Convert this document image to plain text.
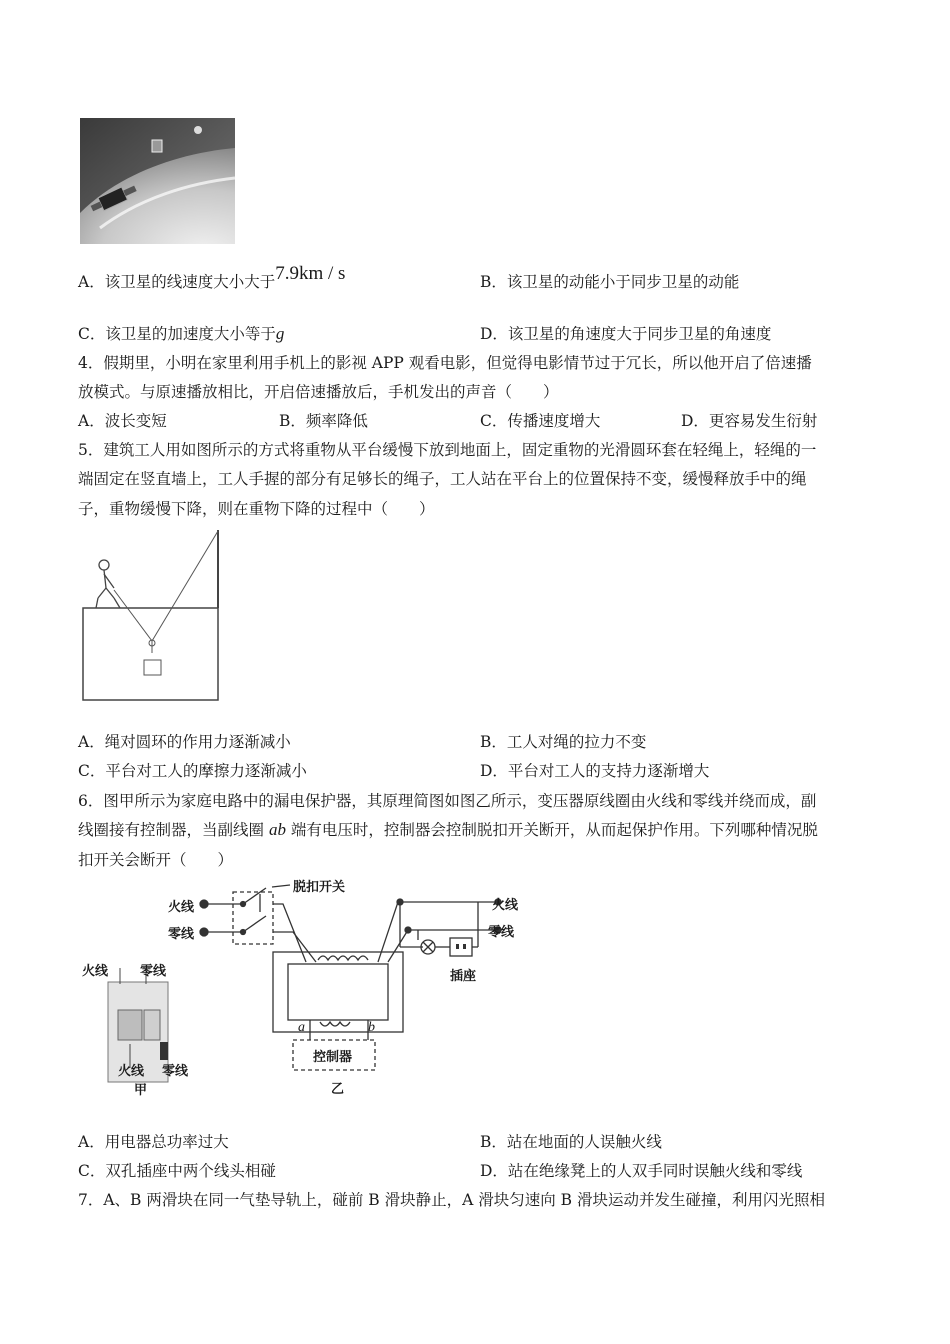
A．该卫星的线速度大小大于7.9km / s	B．该卫星的动能小于同步卫星的动能
C．该卫星的加速度大小等于g	D．该卫星的角速度大于同步卫星的角速度
4．假期里，小明在家里利用手机上的影视 APP 观看电影，但觉得电影情节过于冗长，所以他开启了倍速播
放模式。与原速播放相比，开启倍速播放后，手机发出的声音（　　）
A．波长变短	B．频率降低	C．传播速度增大	D．更容易发生衍射
5．建筑工人用如图所示的方式将重物从平台缓慢下放到地面上，固定重物的光滑圆环套在轻绳上，轻绳的一
端固定在竖直墙上，工人手握的部分有足够长的绳子，工人站在平台上的位置保持不变，缓慢释放手中的绳
子，重物缓慢下降，则在重物下降的过程中（　　）
A．绳对圆环的作用力逐渐减小	B．工人对绳的拉力不变
C．平台对工人的摩擦力逐渐减小	D．平台对工人的支持力逐渐增大
6．图甲所示为家庭电路中的漏电保护器，其原理简图如图乙所示，变压器原线圈由火线和零线并绕而成，副
线圈接有控制器，当副线圈 ab 端有电压时，控制器会控制脱扣开关断开，从而起保护作用。下列哪种情况脱
扣开关会断开（　　）
火线
零线
脱扣开关
火线
零线
插座
a	b
控制器
乙
火线 零线
火线 零线
甲
A．用电器总功率过大	B．站在地面的人误触火线
C．双孔插座中两个线头相碰	D．站在绝缘凳上的人双手同时误触火线和零线
7．A、B 两滑块在同一气垫导轨上，碰前 B 滑块静止，A 滑块匀速向 B 滑块运动并发生碰撞，利用闪光照相
